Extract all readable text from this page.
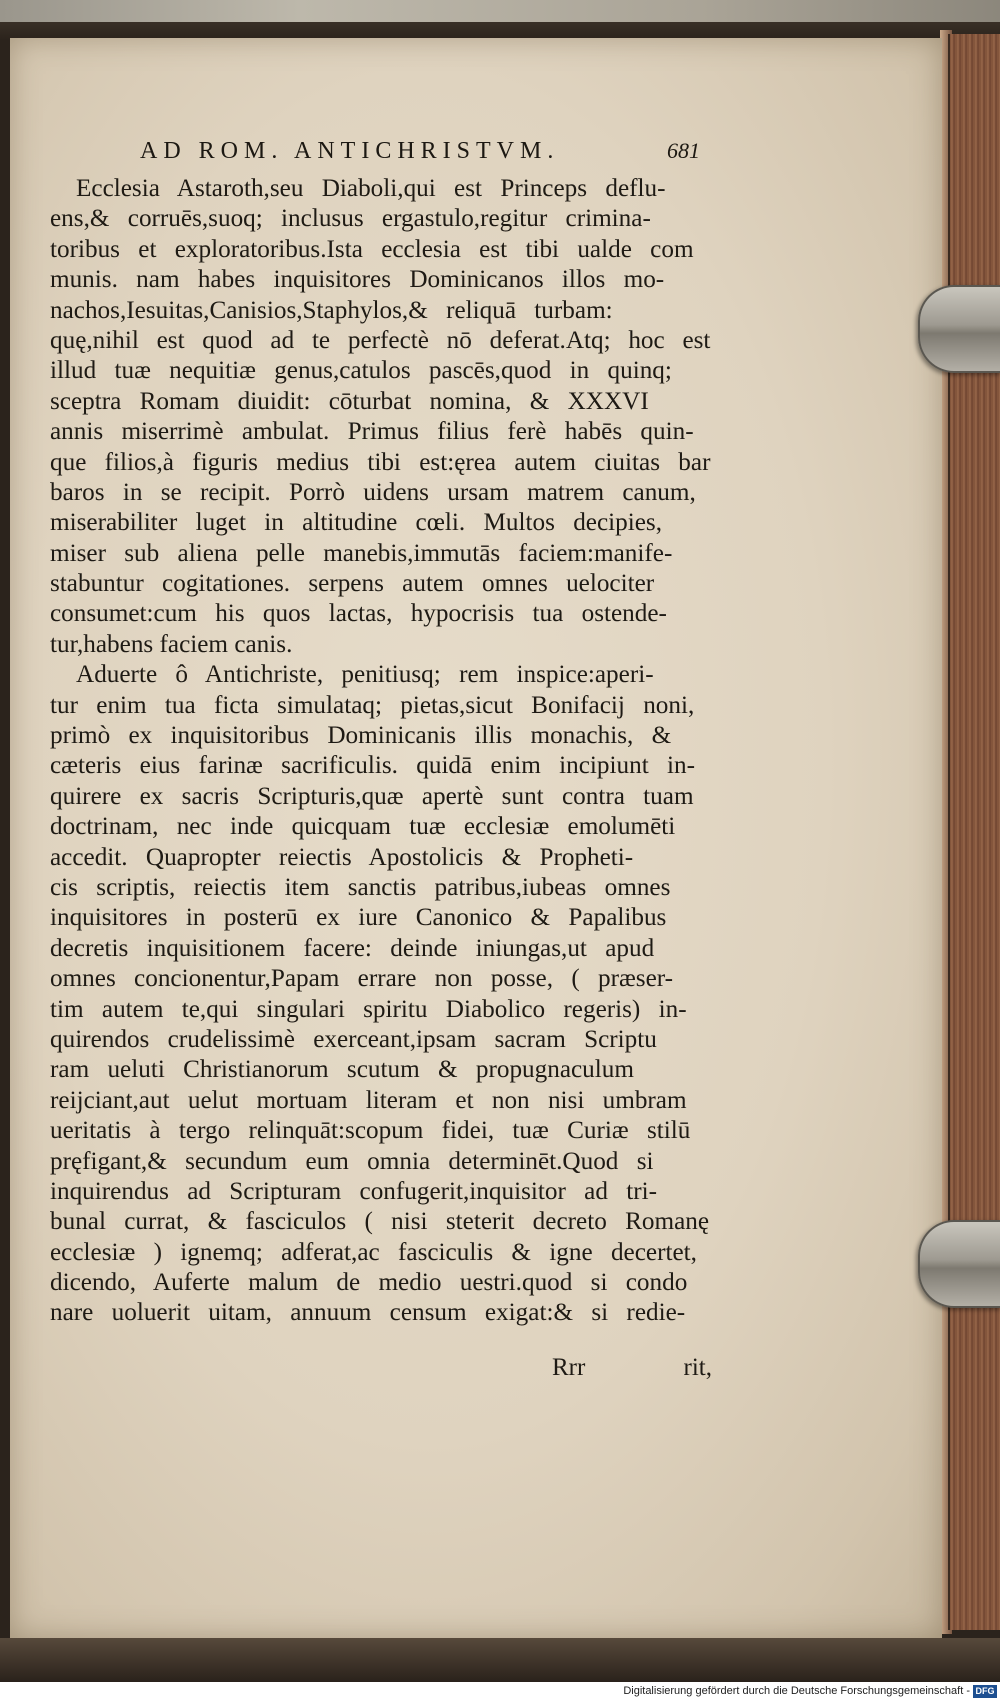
AD ROM. ANTICHRISTVM.	681
Ecclesia Astaroth,seu Diaboli,qui est Princeps deflu-
ens,& corruēs,suoq; inclusus ergastulo,regitur crimina-
toribus et exploratoribus.Ista ecclesia est tibi ualde com
munis. nam habes inquisitores Dominicanos illos mo-
nachos,Iesuitas,Canisios,Staphylos,& reliquā turbam:
quę,nihil est quod ad te perfectè nō deferat.Atq; hoc est
illud tuæ nequitiæ genus,catulos pascēs,quod in quinq;
sceptra Romam diuidit: cōturbat nomina, & XXXVI
annis miserrimè ambulat. Primus filius ferè habēs quin-
que filios,à figuris medius tibi est:ęrea autem ciuitas bar
baros in se recipit. Porrò uidens ursam matrem canum,
miserabiliter luget in altitudine cœli. Multos decipies,
miser sub aliena pelle manebis,immutās faciem:manife-
stabuntur cogitationes. serpens autem omnes uelociter
consumet:cum his quos lactas, hypocrisis tua ostende-
tur,habens faciem canis.
Aduerte ô Antichriste, penitiusq; rem inspice:aperi-
tur enim tua ficta simulataq; pietas,sicut Bonifacij noni,
primò ex inquisitoribus Dominicanis illis monachis, &
cæteris eius farinæ sacrificulis. quidā enim incipiunt in-
quirere ex sacris Scripturis,quæ apertè sunt contra tuam
doctrinam, nec inde quicquam tuæ ecclesiæ emolumēti
accedit. Quapropter reiectis Apostolicis & Propheti-
cis scriptis, reiectis item sanctis patribus,iubeas omnes
inquisitores in posterū ex iure Canonico & Papalibus
decretis inquisitionem facere: deinde iniungas,ut apud
omnes concionentur,Papam errare non posse, ( præser-
tim autem te,qui singulari spiritu Diabolico regeris) in-
quirendos crudelissimè exerceant,ipsam sacram Scriptu
ram ueluti Christianorum scutum & propugnaculum
reijciant,aut uelut mortuam literam et non nisi umbram
ueritatis à tergo relinquāt:scopum fidei, tuæ Curiæ stilū
pręfigant,& secundum eum omnia determinēt.Quod si
inquirendus ad Scripturam confugerit,inquisitor ad tri-
bunal currat, & fasciculos ( nisi steterit decreto Romanę
ecclesiæ ) ignemq; adferat,ac fasciculis & igne decertet,
dicendo, Auferte malum de medio uestri.quod si condo
nare uoluerit uitam, annuum censum exigat:& si redie-
Rrr	rit,
Digitalisierung gefördert durch die Deutsche Forschungsgemeinschaft - DFG
